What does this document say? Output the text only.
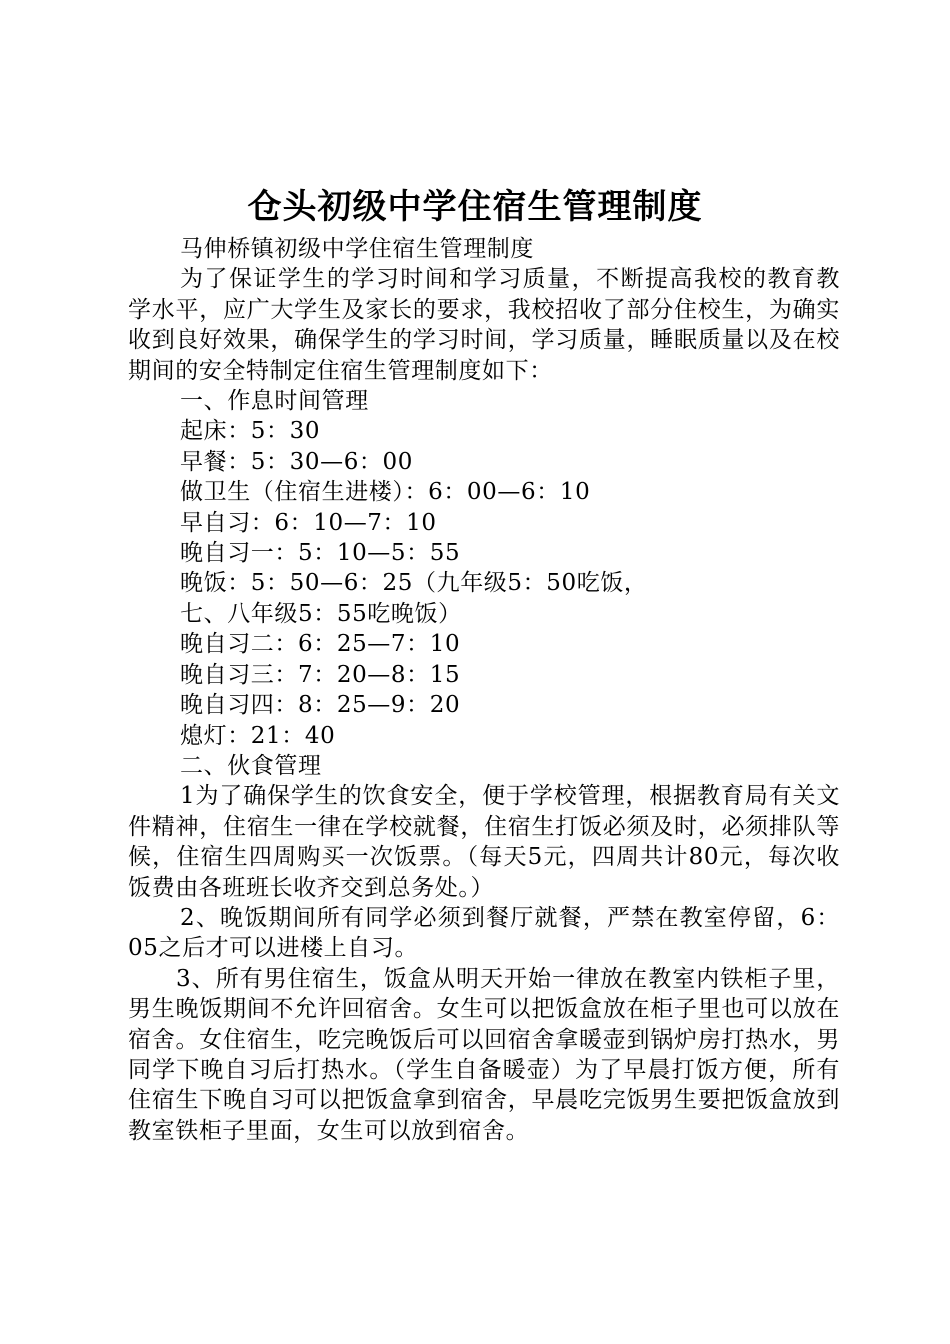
仓头初级中学住宿生管理制度

马伸桥镇初级中学住宿生管理制度

为了保证学生的学习时间和学习质量，不断提高我校的教育教学水平，应广大学生及家长的要求，我校招收了部分住校生，为确实收到良好效果，确保学生的学习时间，学习质量，睡眠质量以及在校期间的安全特制定住宿生管理制度如下：

一、作息时间管理

起床：5：30

早餐：5：30—6：00

做卫生（住宿生进楼）：6：00—6：10

早自习：6：10—7：10

晚自习一：5：10—5：55

晚饭：5：50—6：25（九年级5：50吃饭，

七、八年级5：55吃晚饭）

晚自习二：6：25—7：10

晚自习三：7：20—8：15

晚自习四：8：25—9：20

熄灯：21：40

二、伙食管理

1为了确保学生的饮食安全，便于学校管理，根据教育局有关文件精神，住宿生一律在学校就餐，住宿生打饭必须及时，必须排队等候，住宿生四周购买一次饭票。（每天5元，四周共计80元，每次收饭费由各班班长收齐交到总务处。）

2、晚饭期间所有同学必须到餐厅就餐，严禁在教室停留，6：05之后才可以进楼上自习。

3、所有男住宿生，饭盒从明天开始一律放在教室内铁柜子里，男生晚饭期间不允许回宿舍。女生可以把饭盒放在柜子里也可以放在宿舍。女住宿生，吃完晚饭后可以回宿舍拿暖壶到锅炉房打热水，男同学下晚自习后打热水。（学生自备暖壶）为了早晨打饭方便，所有住宿生下晚自习可以把饭盒拿到宿舍，早晨吃完饭男生要把饭盒放到教室铁柜子里面，女生可以放到宿舍。
